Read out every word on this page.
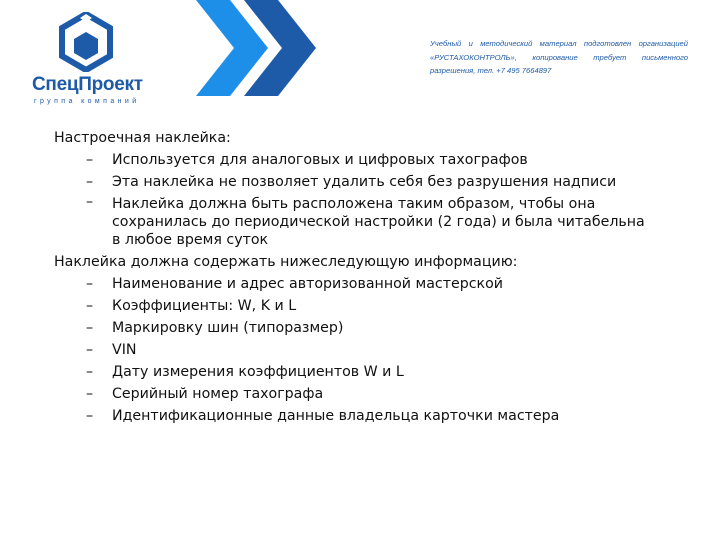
СпецПроект
группа компаний
Учебный и методический материал подготовлен организацией «РУСТАХОКОНТРОЛЬ», копирование требует письменного разрешения, тел. +7 495 7664897

Настроечная наклейка:

– Используется для аналоговых и цифровых тахографов
– Эта наклейка не позволяет удалить себя без разрушения надписи
– Наклейка должна быть расположена таким образом, чтобы она сохранилась до периодической настройки (2 года) и была читабельна в любое время суток

Наклейка должна содержать нижеследующую информацию:

– Наименование и адрес авторизованной мастерской
– Коэффициенты: W, K и L
– Маркировку шин (типоразмер)
– VIN
– Дату измерения коэффициентов W и L
– Серийный номер тахографа
– Идентификационные данные владельца карточки мастера
